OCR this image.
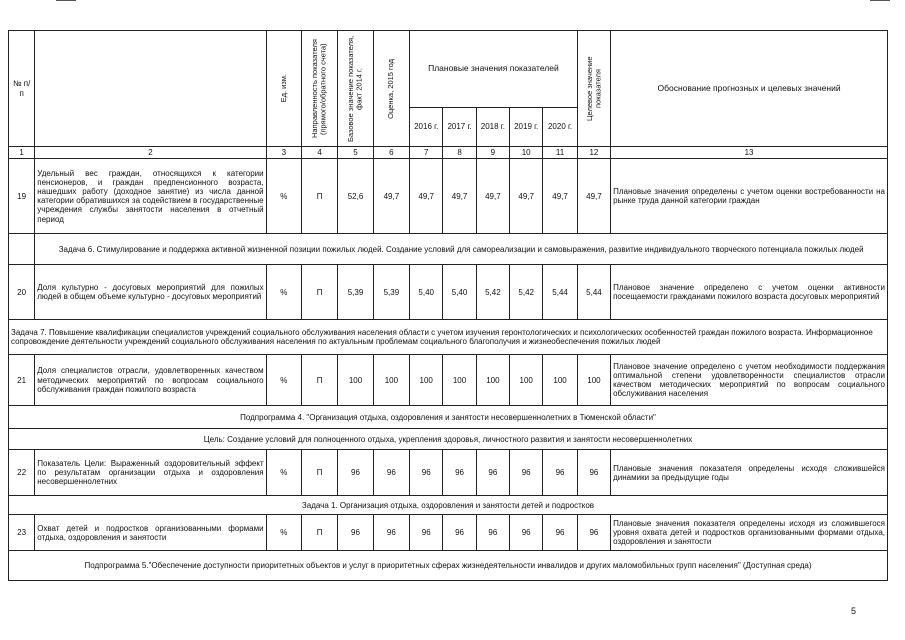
№ п/п		Ед. изм.	Направленность показателя (прямого/обратного счета)	Базовое значение показателя, факт 2014 г.	Оценка, 2015 год	Плановые значения показателей					Целевое значение показателя	Обоснование прогнозных и целевых значений
						2016 г.	2017 г.	2018 г.	2019 г.	2020 г.		
1	2	3	4	5	6	7	8	9	10	11	12	13
19	Удельный вес граждан, относящихся к категории пенсионеров, и граждан предпенсионного возраста, нашедших работу (доходное занятие) из числа данной категории обратившихся за содействием в государственные учреждения службы занятости населения в отчетный период	%	П	52,6	49,7	49,7	49,7	49,7	49,7	49,7	49,7	Плановые значения определены с учетом оценки востребованности на рынке труда данной категории граждан
	Задача 6. Стимулирование и поддержка активной жизненной позиции пожилых людей. Создание условий для самореализации и самовыражения, развитие индивидуального творческого потенциала пожилых людей											
20	Доля культурно - досуговых мероприятий для пожилых людей в общем объеме культурно - досуговых мероприятий	%	П	5,39	5,39	5,40	5,40	5,42	5,42	5,44	5,44	Плановое значение определено с учетом оценки активности посещаемости гражданами пожилого возраста досуговых мероприятий
Задача 7. Повышение квалификации специалистов учреждений социального обслуживания населения области с учетом изучения геронтологических и психологических особенностей граждан пожилого возраста. Информационное сопровождение деятельности учреждений социального обслуживания населения по актуальным проблемам социального благополучия и жизнеобеспечения пожилых людей												
21	Доля специалистов отрасли, удовлетворенных качеством методических мероприятий по вопросам социального обслуживания граждан пожилого возраста	%	П	100	100	100	100	100	100	100	100	Плановое значение определено с учетом необходимости поддержания оптимальной степени удовлетворенности специалистов отрасли качеством методических мероприятий по вопросам социального обслуживания населения
Подпрограмма 4. "Организация отдыха, оздоровления и занятости несовершеннолетних в Тюменской области"												
Цель: Создание условий для полноценного отдыха, укрепления здоровья, личностного развития и занятости несовершеннолетних												
22	Показатель Цели: Выраженный оздоровительный эффект по результатам организации отдыха и оздоровления несовершеннолетних	%	П	96	96	96	96	96	96	96	96	Плановые значения показателя определены исходя сложившейся динамики за предыдущие годы
Задача 1. Организация отдыха, оздоровления и занятости детей и подростков												
23	Охват детей и подростков организованными формами отдыха, оздоровления и занятости	%	П	96	96	96	96	96	96	96	96	Плановые значения показателя определены исходя из сложившегося уровня охвата детей и подростков организованными формами отдыха, оздоровления и занятости
Подпрограмма 5."Обеспечение доступности приоритетных объектов и услуг в приоритетных сферах жизнедеятельности инвалидов и других маломобильных групп населения" (Доступная среда)												
5
